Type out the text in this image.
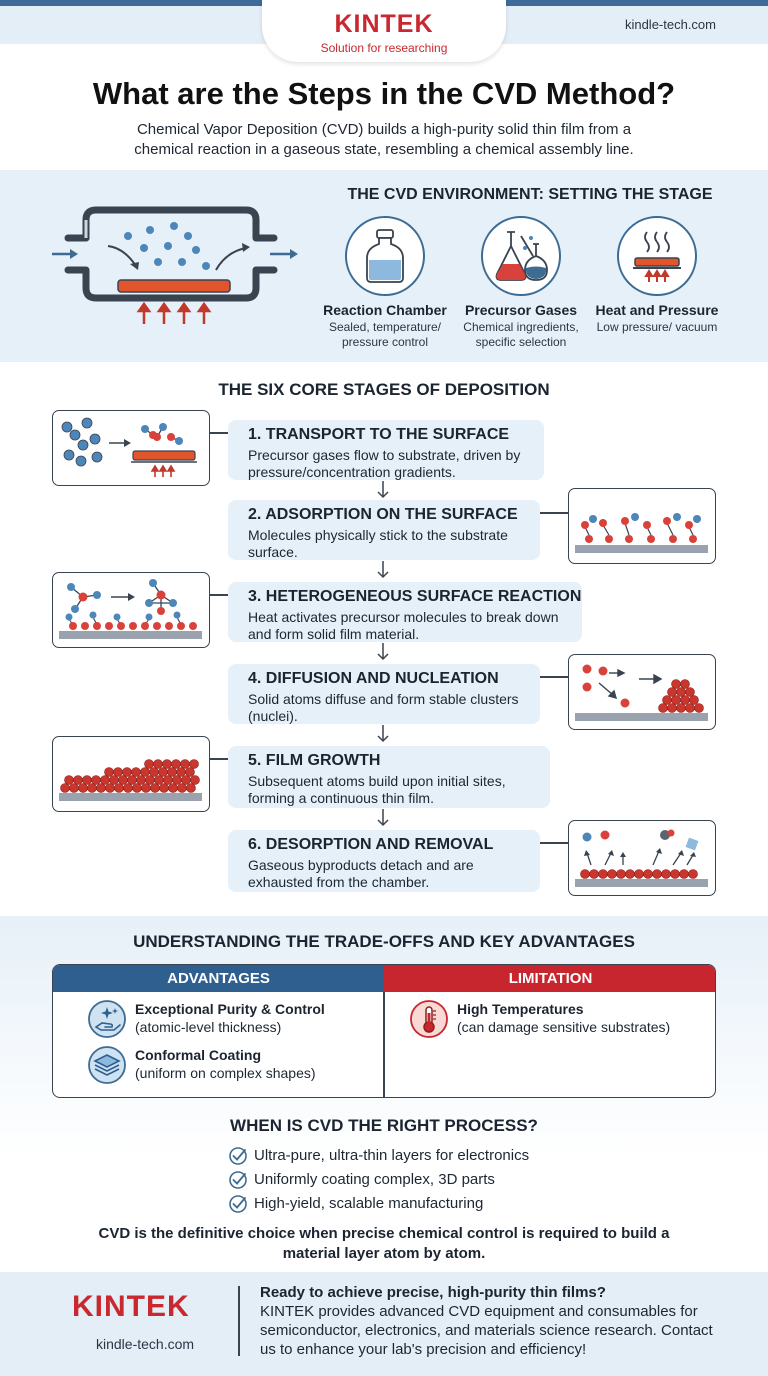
KINTEK
Solution for researching
kindle-tech.com
What are the Steps in the CVD Method?
Chemical Vapor Deposition (CVD) builds a high-purity solid thin film from a chemical reaction in a gaseous state, resembling a chemical assembly line.
THE CVD ENVIRONMENT: SETTING THE STAGE
Reaction Chamber
Sealed, temperature/ pressure control
Precursor Gases
Chemical ingredients, specific selection
Heat and Pressure
Low pressure/ vacuum
THE SIX CORE STAGES OF DEPOSITION
1. TRANSPORT TO THE SURFACE
Precursor gases flow to substrate, driven by pressure/concentration gradients.
2. ADSORPTION ON THE SURFACE
Molecules physically stick to the substrate surface.
3. HETEROGENEOUS SURFACE REACTION
Heat activates precursor molecules to break down and form solid film material.
4. DIFFUSION AND NUCLEATION
Solid atoms diffuse and form stable clusters (nuclei).
5. FILM GROWTH
Subsequent atoms build upon initial sites, forming a continuous thin film.
6. DESORPTION AND REMOVAL
Gaseous byproducts detach and are exhausted from the chamber.
UNDERSTANDING THE TRADE-OFFS AND KEY ADVANTAGES
ADVANTAGES	LIMITATION
Exceptional Purity & Control
(atomic-level thickness)
Conformal Coating
(uniform on complex shapes)
High Temperatures
(can damage sensitive substrates)
WHEN IS CVD THE RIGHT PROCESS?
Ultra-pure, ultra-thin layers for electronics
Uniformly coating complex, 3D parts
High-yield, scalable manufacturing
CVD is the definitive choice when precise chemical control is required to build a material layer atom by atom.
KINTEK
kindle-tech.com
Ready to achieve precise, high-purity thin films?
KINTEK provides advanced CVD equipment and consumables for semiconductor, electronics, and materials science research. Contact us to enhance your lab's precision and efficiency!
